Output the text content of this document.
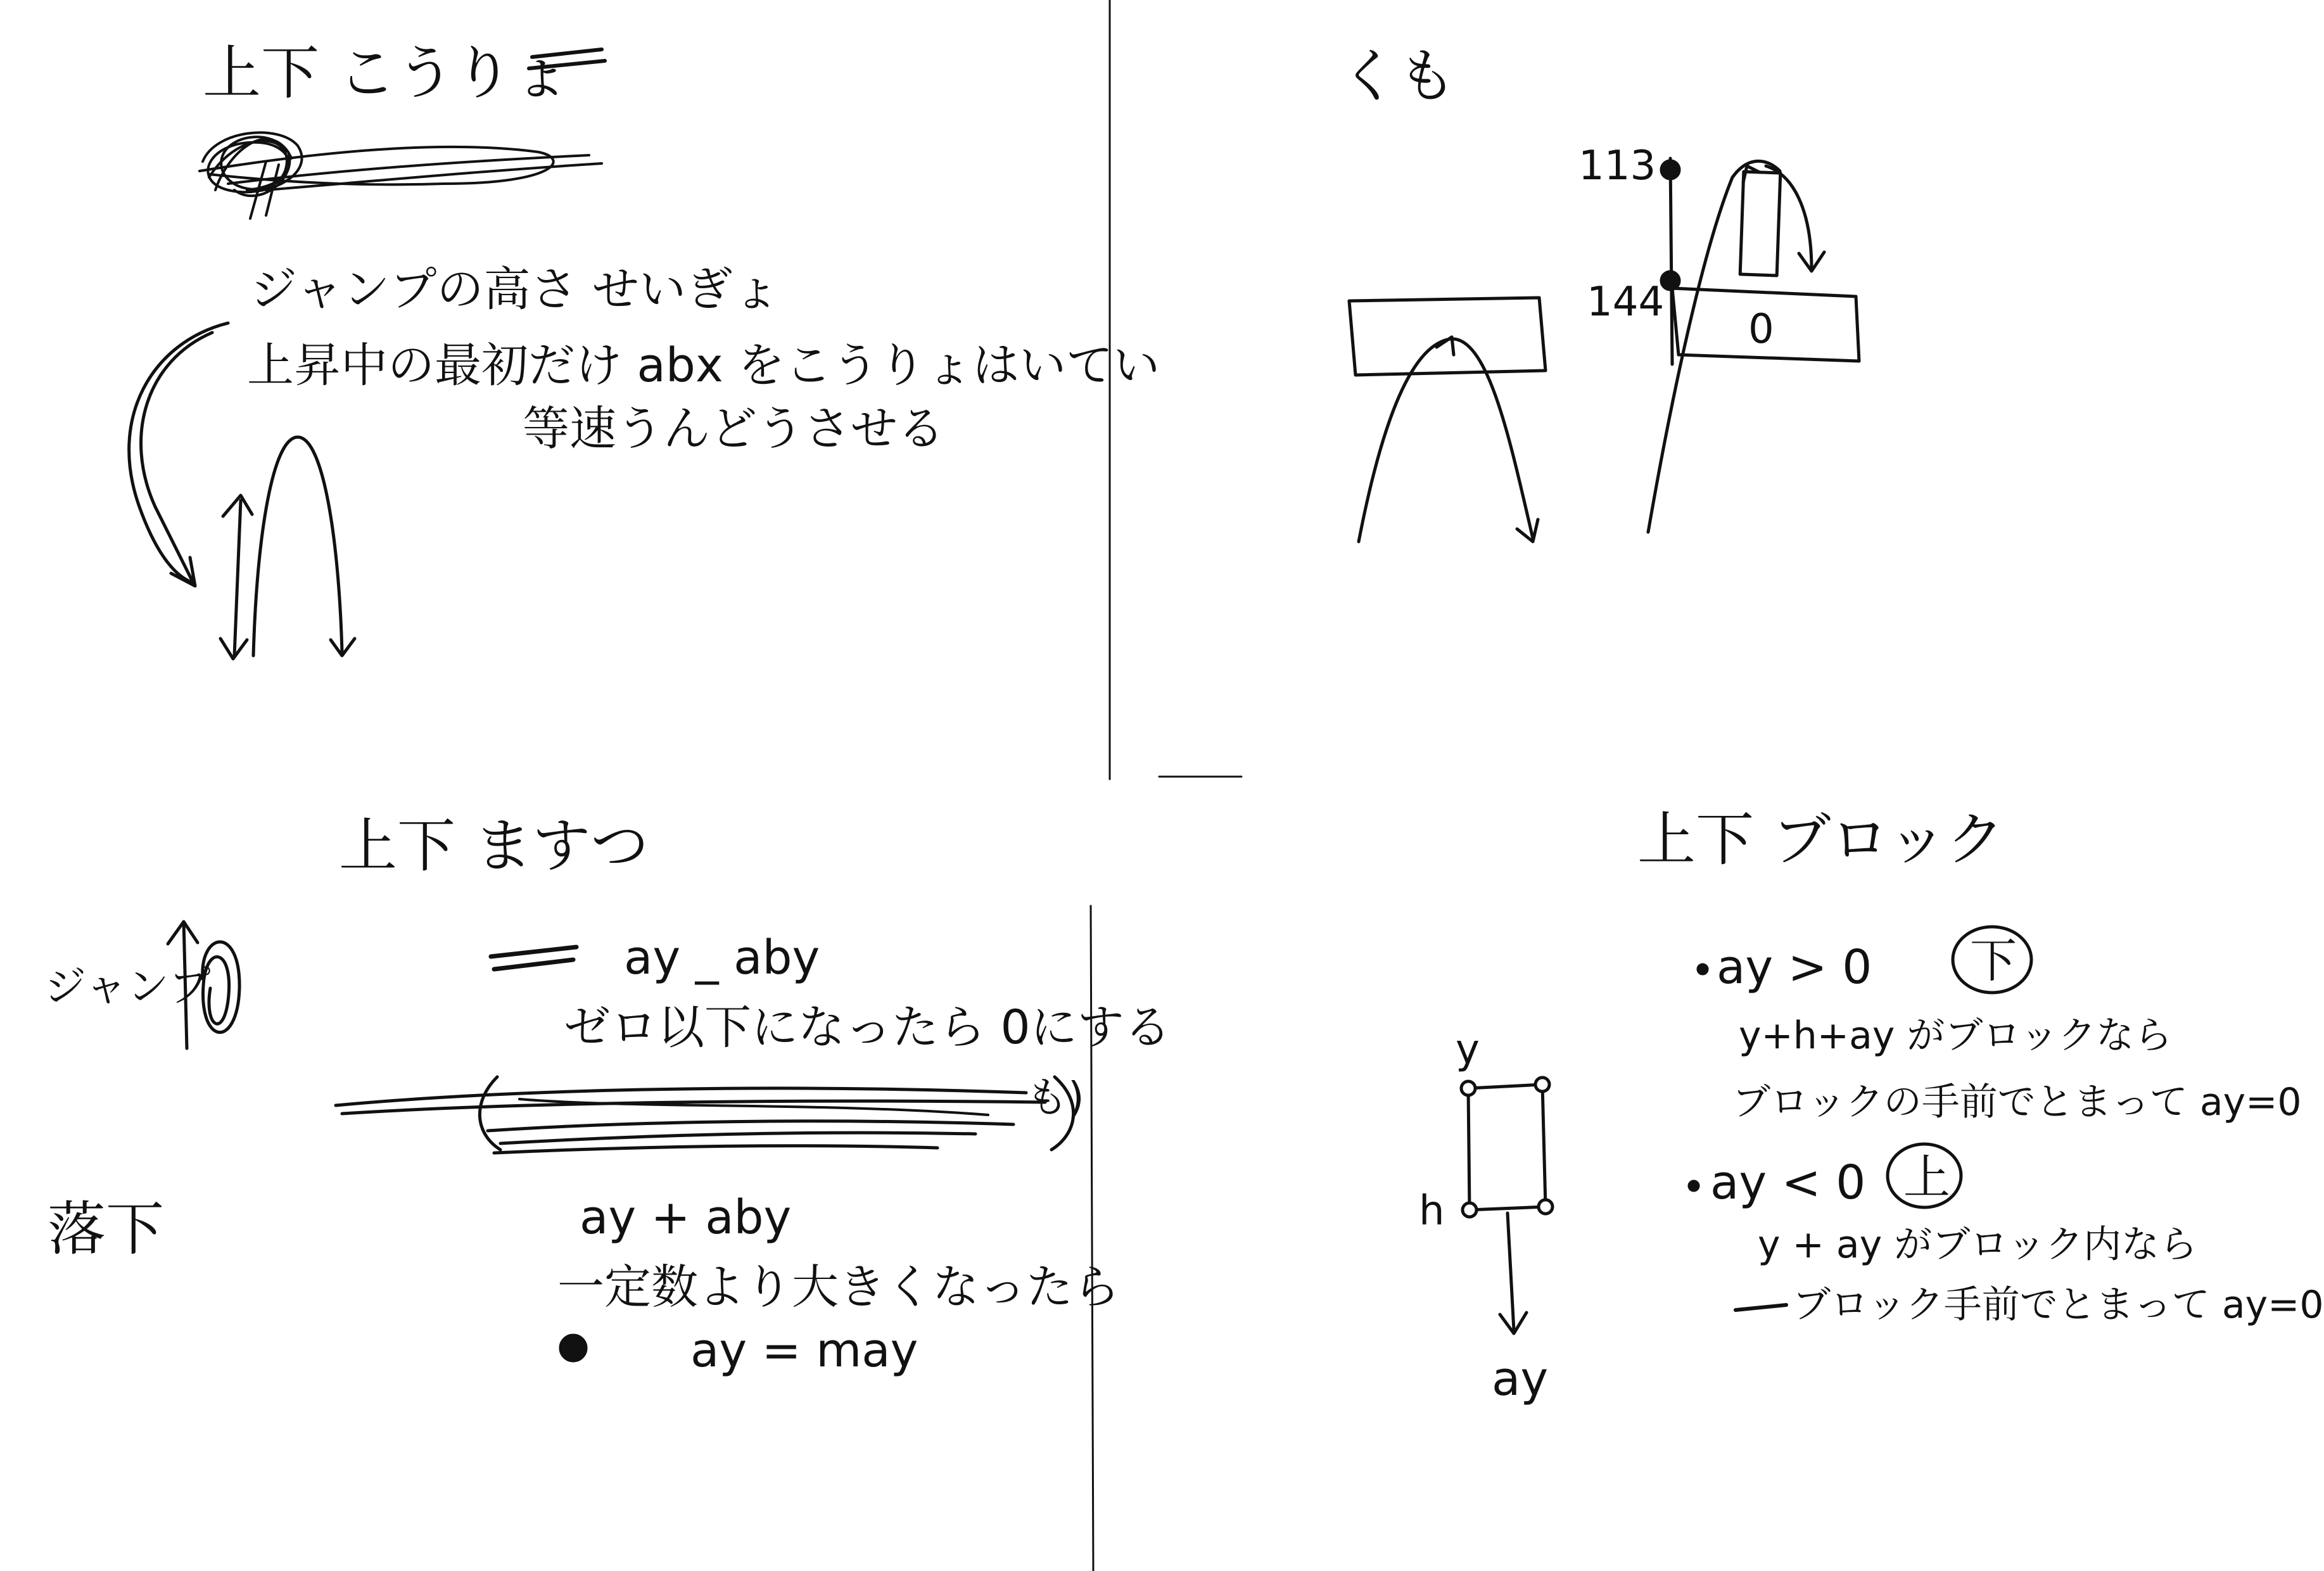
上下 こうりょ
ジャンプの高さ せいぎょ
上昇中の最初だけ abx をこうりょはいてい
等速うんどうさせる
くも
113
144
0
上下 ますつ
ジャンプ
落下
ay _ aby
ゼロ以下になったら 0にする
も)
ay + aby
一定数より大きくなったら
ay = may
上下 ブロック
y
h
ay
ay > 0 下
y+h+ay がブロックなら
ブロックの手前でとまって ay=0
ay < 0 上
y + ay がブロック内なら
ブロック手前でとまって ay=0
